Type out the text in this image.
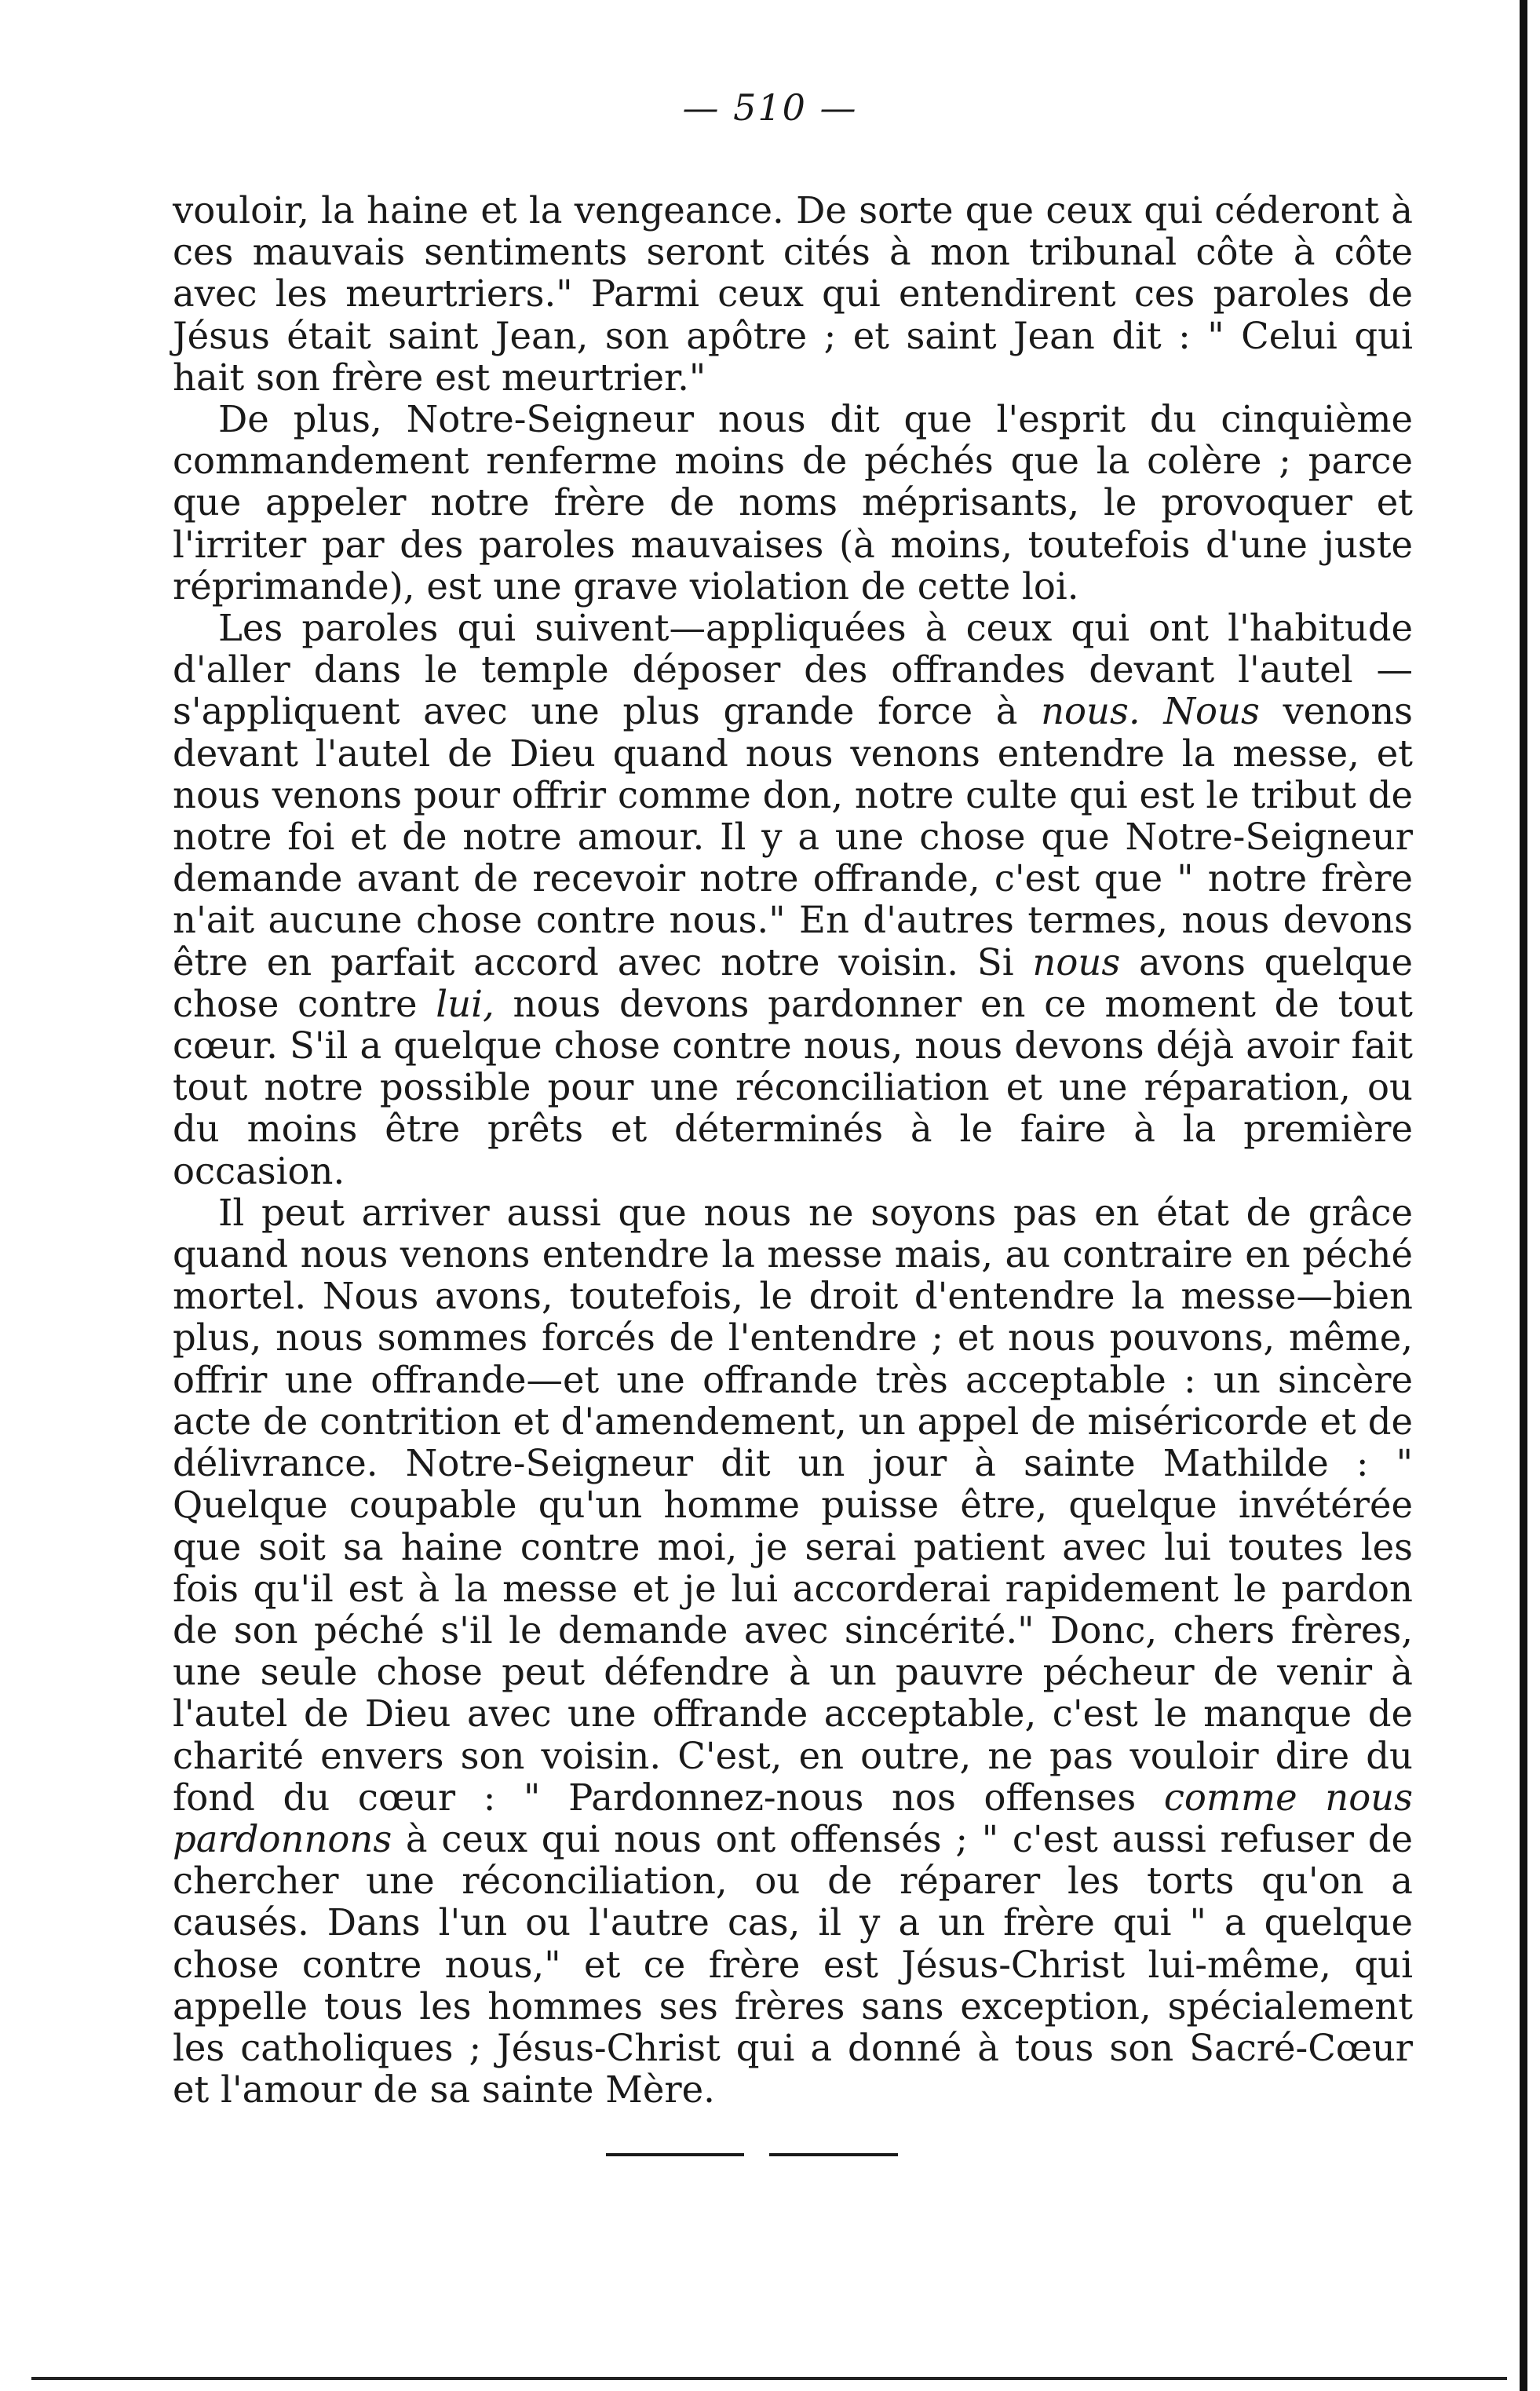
— 510 —

vouloir, la haine et la vengeance. De sorte que ceux qui céderont à ces mauvais sentiments seront cités à mon tribunal côte à côte avec les meurtriers." Parmi ceux qui entendirent ces paroles de Jésus était saint Jean, son apôtre ; et saint Jean dit : " Celui qui hait son frère est meurtrier."

De plus, Notre-Seigneur nous dit que l'esprit du cinquième commandement renferme moins de péchés que la colère ; parce que appeler notre frère de noms méprisants, le provoquer et l'irriter par des paroles mauvaises (à moins, toutefois d'une juste réprimande), est une grave violation de cette loi.

Les paroles qui suivent—appliquées à ceux qui ont l'habitude d'aller dans le temple déposer des offrandes devant l'autel —s'appliquent avec une plus grande force à nous. Nous venons devant l'autel de Dieu quand nous venons entendre la messe, et nous venons pour offrir comme don, notre culte qui est le tribut de notre foi et de notre amour. Il y a une chose que Notre-Seigneur demande avant de recevoir notre offrande, c'est que " notre frère n'ait aucune chose contre nous." En d'autres termes, nous devons être en parfait accord avec notre voisin. Si nous avons quelque chose contre lui, nous devons pardonner en ce moment de tout cœur. S'il a quelque chose contre nous, nous devons déjà avoir fait tout notre possible pour une réconciliation et une réparation, ou du moins être prêts et déterminés à le faire à la première occasion.

Il peut arriver aussi que nous ne soyons pas en état de grâce quand nous venons entendre la messe mais, au contraire en péché mortel. Nous avons, toutefois, le droit d'entendre la messe—bien plus, nous sommes forcés de l'entendre ; et nous pouvons, même, offrir une offrande—et une offrande très acceptable : un sincère acte de contrition et d'amendement, un appel de miséricorde et de délivrance. Notre-Seigneur dit un jour à sainte Mathilde : " Quelque coupable qu'un homme puisse être, quelque invétérée que soit sa haine contre moi, je serai patient avec lui toutes les fois qu'il est à la messe et je lui accorderai rapidement le pardon de son péché s'il le demande avec sincérité." Donc, chers frères, une seule chose peut défendre à un pauvre pécheur de venir à l'autel de Dieu avec une offrande acceptable, c'est le manque de charité envers son voisin. C'est, en outre, ne pas vouloir dire du fond du cœur : " Pardonnez-nous nos offenses comme nous pardonnons à ceux qui nous ont offensés ; " c'est aussi refuser de chercher une réconciliation, ou de réparer les torts qu'on a causés. Dans l'un ou l'autre cas, il y a un frère qui " a quelque chose contre nous," et ce frère est Jésus-Christ lui-même, qui appelle tous les hommes ses frères sans exception, spécialement les catholiques ; Jésus-Christ qui a donné à tous son Sacré-Cœur et l'amour de sa sainte Mère.
